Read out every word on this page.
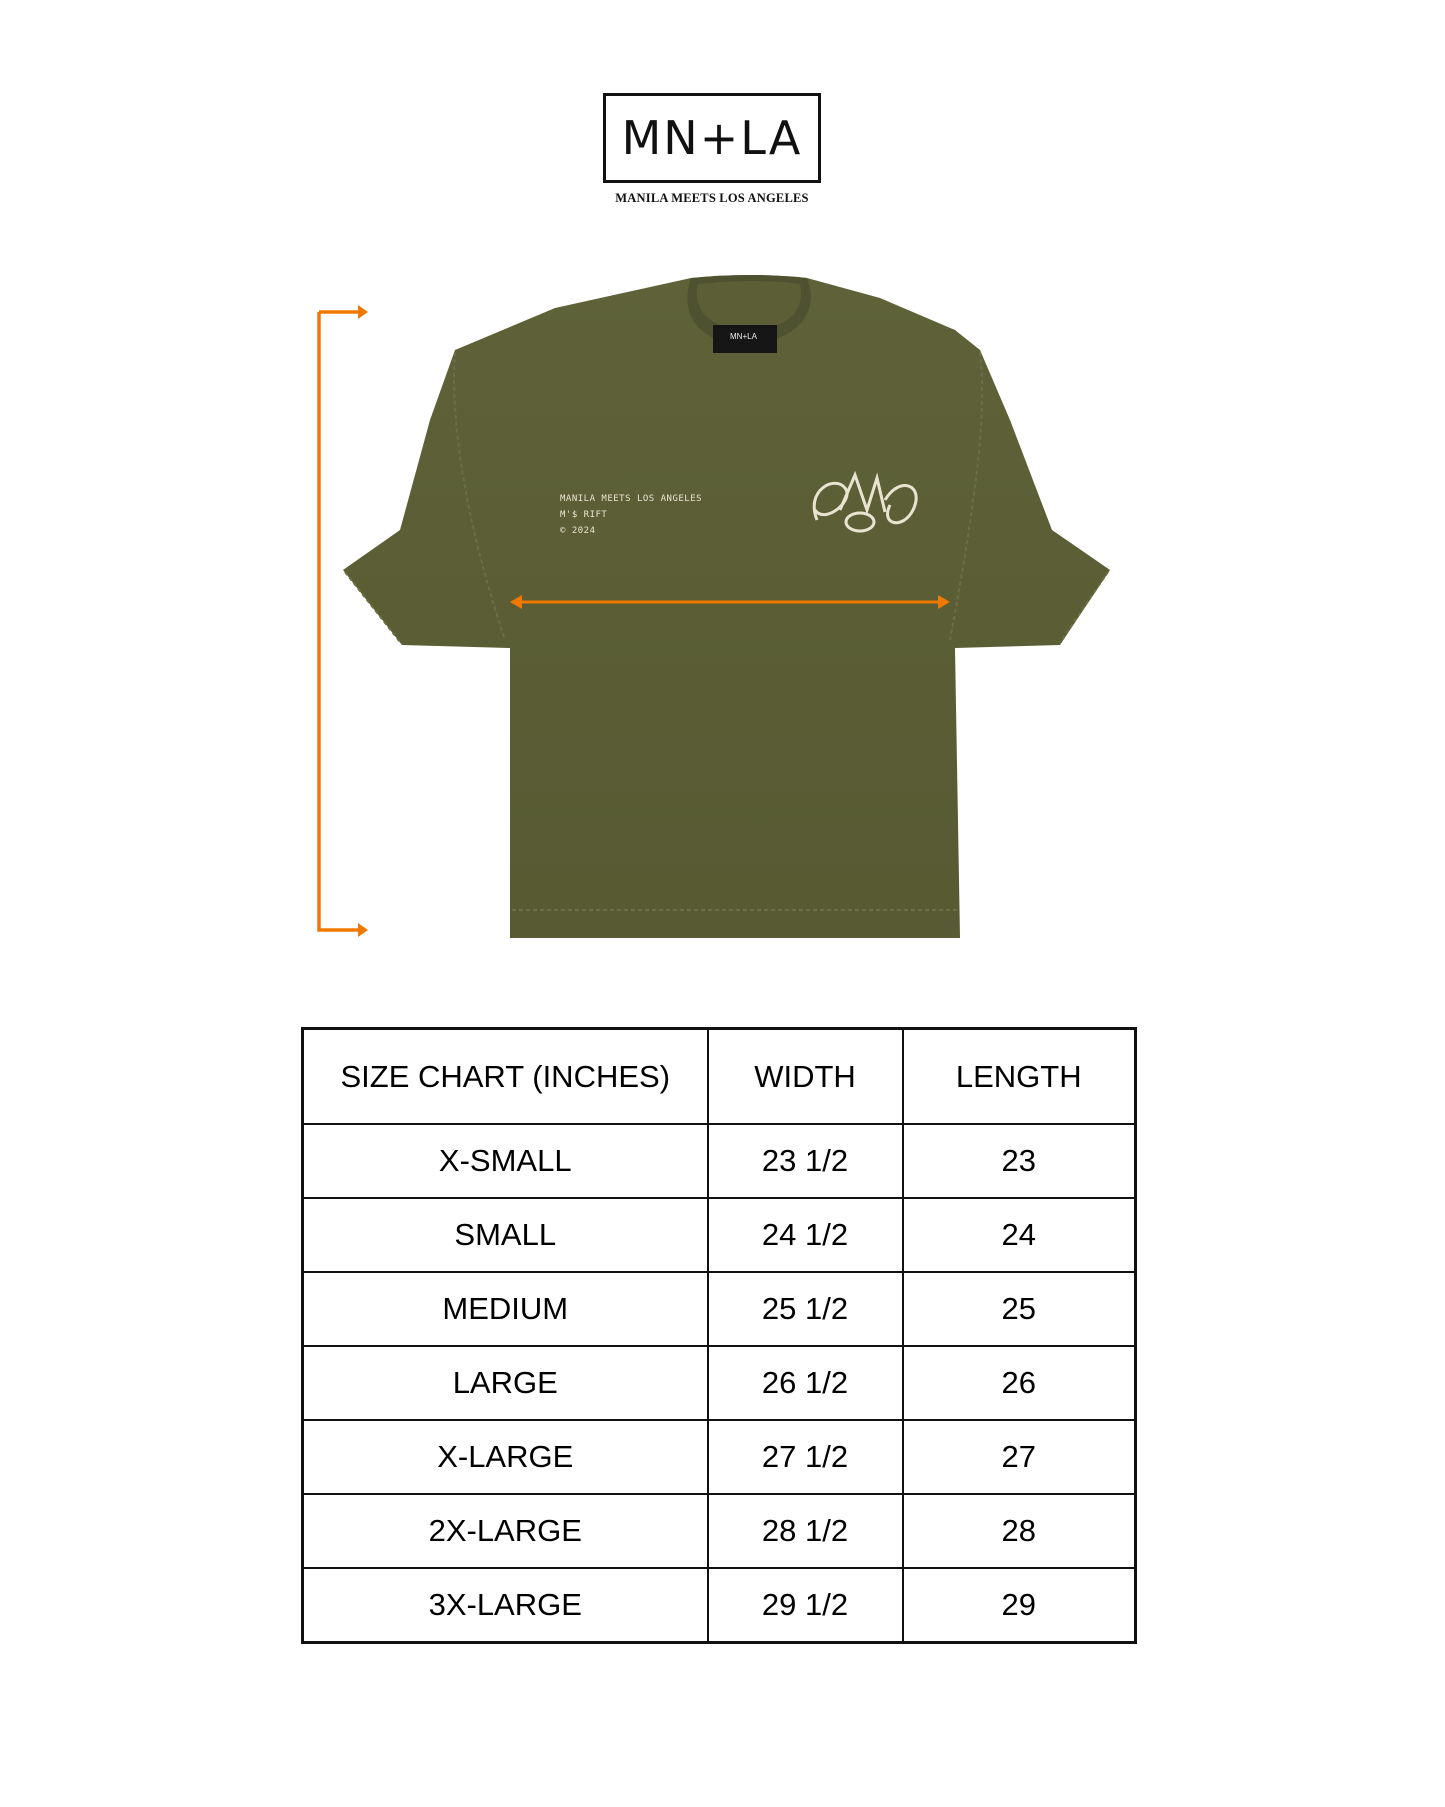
MN+LA
MANILA MEETS LOS ANGELES
MN+LA
MANILA MEETS LOS ANGELES
M'$ RIFT
© 2024
SIZE CHART (INCHES)	WIDTH	LENGTH
X-SMALL	23 1/2	23
SMALL	24 1/2	24
MEDIUM	25 1/2	25
LARGE	26 1/2	26
X-LARGE	27 1/2	27
2X-LARGE	28 1/2	28
3X-LARGE	29 1/2	29
